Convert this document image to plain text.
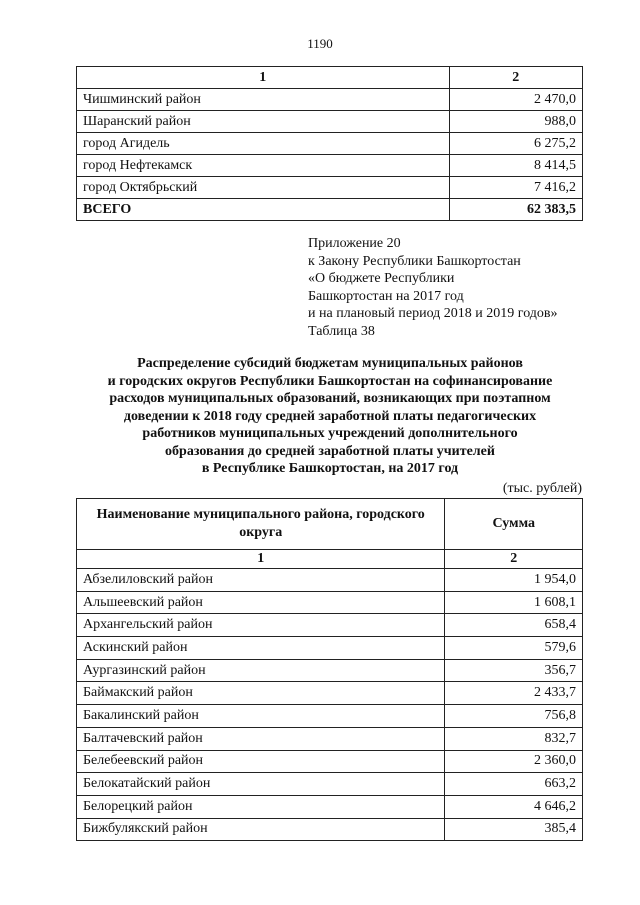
1190
1	2
Чишминский район	2 470,0
Шаранский район	988,0
город Агидель	6 275,2
город Нефтекамск	8 414,5
город Октябрьский	7 416,2
ВСЕГО	62 383,5
Приложение 20
к Закону Республики Башкортостан
«О бюджете Республики
Башкортостан на 2017 год
и на плановый период 2018 и 2019 годов»
Таблица 38
Распределение субсидий бюджетам муниципальных районов
и городских округов Республики Башкортостан на софинансирование
расходов муниципальных образований, возникающих при поэтапном
доведении к 2018 году средней заработной платы педагогических
работников муниципальных учреждений дополнительного
образования до средней заработной платы учителей
в Республике Башкортостан, на 2017 год
(тыс. рублей)
Наименование муниципального района, городского округа	Сумма
1	2
Абзелиловский район	1 954,0
Альшеевский район	1 608,1
Архангельский район	658,4
Аскинский район	579,6
Аургазинский район	356,7
Баймакский район	2 433,7
Бакалинский район	756,8
Балтачевский район	832,7
Белебеевский район	2 360,0
Белокатайский район	663,2
Белорецкий район	4 646,2
Бижбулякский район	385,4
